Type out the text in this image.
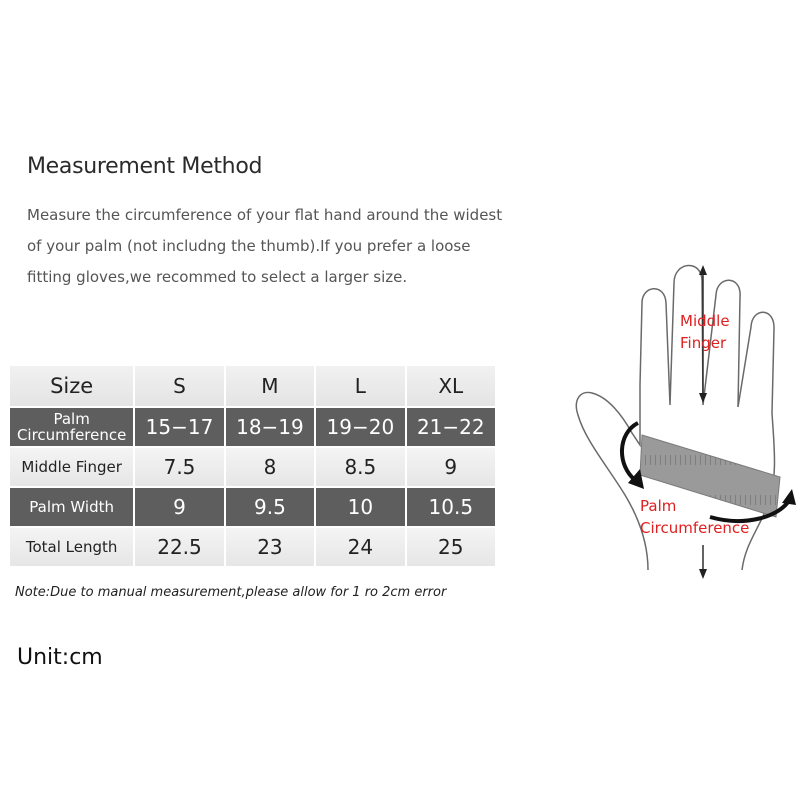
Measurement Method
Measure the circumference of your flat hand around the widest
of your palm (not includng the thumb).If you prefer a loose
fitting gloves,we recommed to select a larger size.
Size	S	M	L	XL

Palm
Circumference	15−17	18−19	19−20	21−22

Middle Finger	7.5	8	8.5	9

Palm Width	9	9.5	10	10.5

Total Length	22.5	23	24	25
Note:Due to manual measurement,please allow for 1 ro 2cm error
Unit:cm
Middle
Finger
Palm
Circumference
